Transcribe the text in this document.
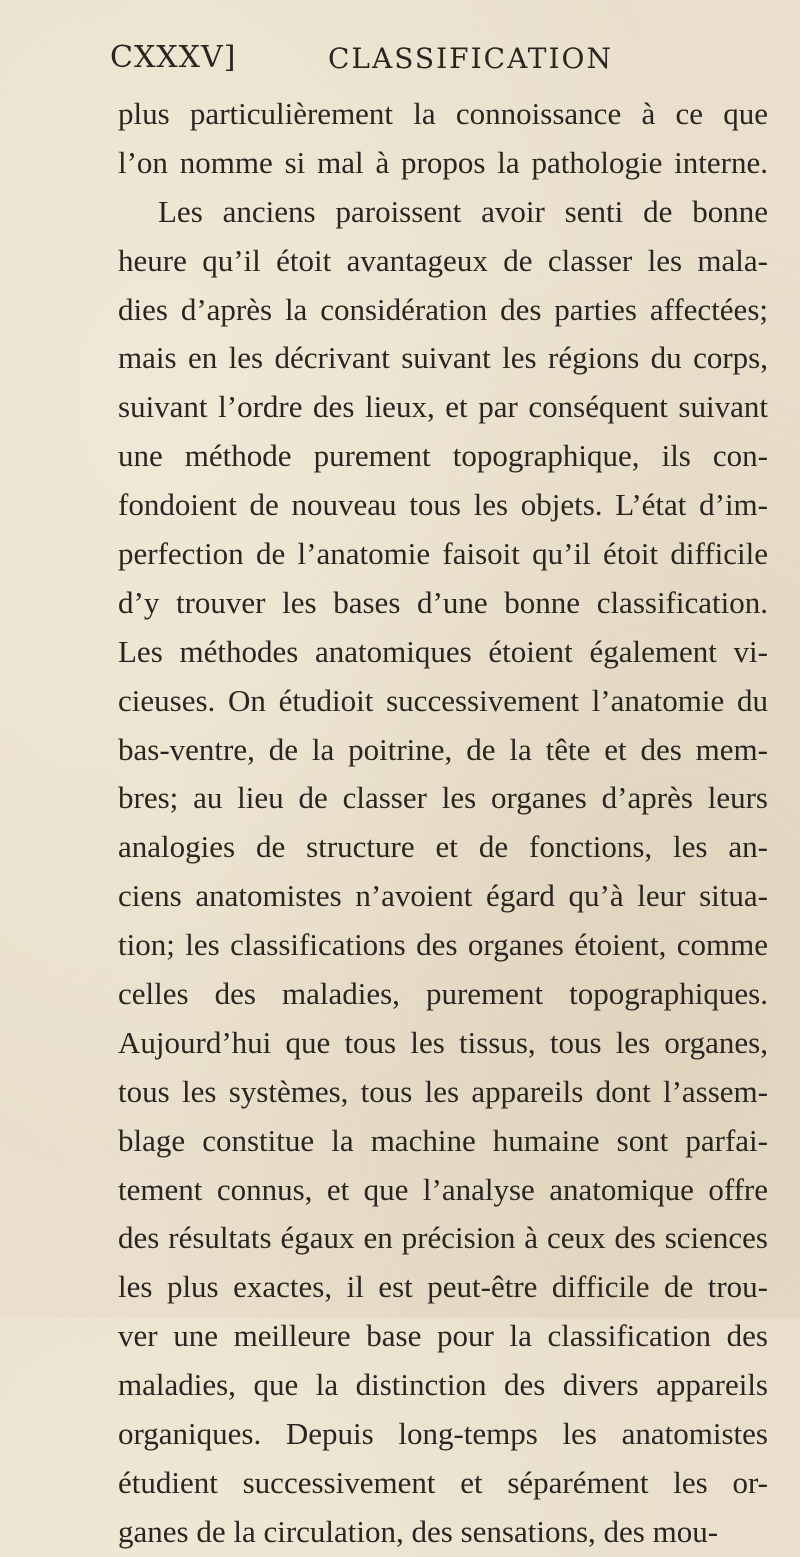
CXXXV]	CLASSIFICATION
plus particulièrement la connoissance à ce que
l’on nomme si mal à propos la pathologie interne.
Les anciens paroissent avoir senti de bonne
heure qu’il étoit avantageux de classer les mala-
dies d’après la considération des parties affectées;
mais en les décrivant suivant les régions du corps,
suivant l’ordre des lieux, et par conséquent suivant
une méthode purement topographique, ils con-
fondoient de nouveau tous les objets. L’état d’im-
perfection de l’anatomie faisoit qu’il étoit difficile
d’y trouver les bases d’une bonne classification.
Les méthodes anatomiques étoient également vi-
cieuses. On étudioit successivement l’anatomie du
bas-ventre, de la poitrine, de la tête et des mem-
bres; au lieu de classer les organes d’après leurs
analogies de structure et de fonctions, les an-
ciens anatomistes n’avoient égard qu’à leur situa-
tion; les classifications des organes étoient, comme
celles des maladies, purement topographiques.
Aujourd’hui que tous les tissus, tous les organes,
tous les systèmes, tous les appareils dont l’assem-
blage constitue la machine humaine sont parfai-
tement connus, et que l’analyse anatomique offre
des résultats égaux en précision à ceux des sciences
les plus exactes, il est peut-être difficile de trou-
ver une meilleure base pour la classification des
maladies, que la distinction des divers appareils
organiques. Depuis long-temps les anatomistes
étudient successivement et séparément les or-
ganes de la circulation, des sensations, des mou-
